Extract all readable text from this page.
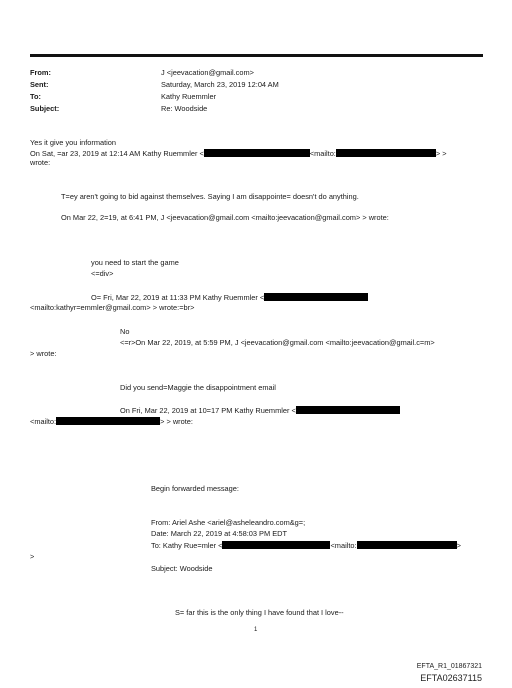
From:	J <jeevacation@gmail.com>
Sent:	Saturday, March 23, 2019 12:04 AM
To:	Kathy Ruemmler
Subject:	Re: Woodside
Yes it give you information
On Sat, =ar 23, 2019 at 12:14 AM Kathy Ruemmler <	<mailto:	> >
wrote:
T=ey aren't going to bid against themselves. Saying I am disappointe= doesn't do anything.
On Mar 22, 2=19, at 6:41 PM, J <jeevacation@gmail.com <mailto:jeevacation@gmail.com> > wrote:
you need to start the game
<=div>
O= Fri, Mar 22, 2019 at 11:33 PM Kathy Ruemmler <
<mailto:kathyr=emmler@gmail.com> > wrote:=br>
No
<=r>On Mar 22, 2019, at 5:59 PM, J <jeevacation@gmail.com <mailto:jeevacation@gmail.c=m>
> wrote:
Did you send=Maggie the disappointment email
On Fri, Mar 22, 2019 at 10=17 PM Kathy Ruemmler <
<mailto:	> > wrote:
Begin forwarded message:
From: Ariel Ashe <ariel@asheleandro.com&g=;
Date: March 22, 2019 at 4:58:03 PM EDT
To: Kathy Rue=mler <	<mailto:	>
>
Subject: Woodside
S= far this is the only thing I have found that I love--
1
EFTA_R1_01867321
EFTA02637115
